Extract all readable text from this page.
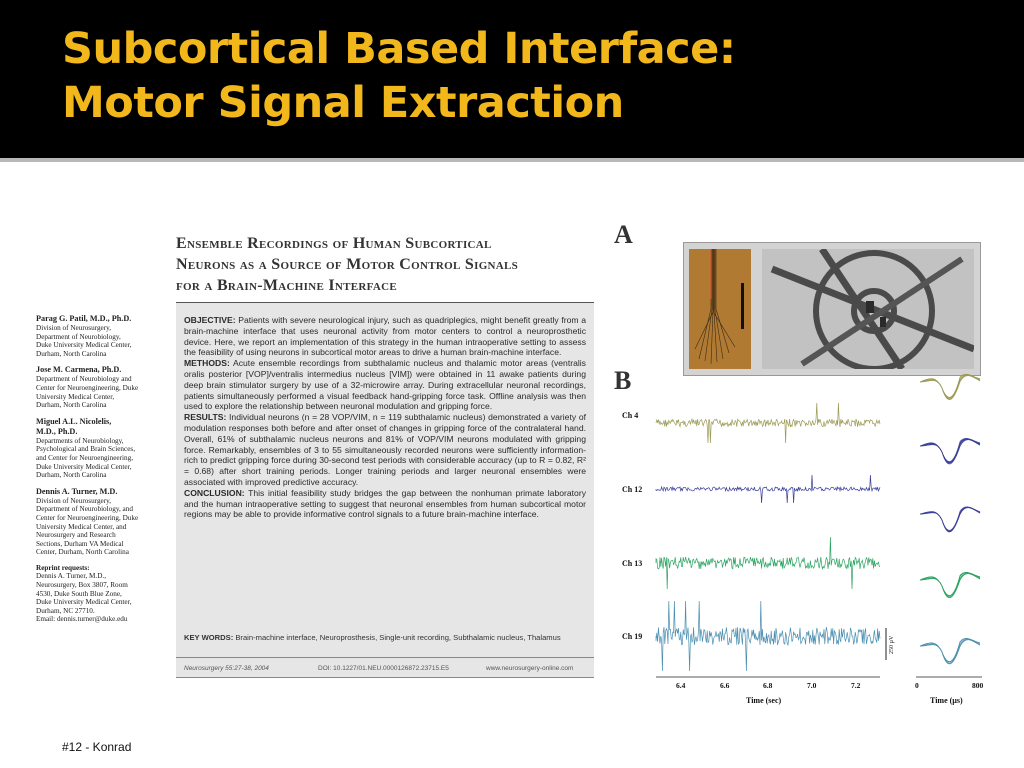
Subcortical Based Interface:
Motor Signal Extraction
Parag G. Patil, M.D., Ph.D.
Division of Neurosurgery,
Department of Neurobiology,
Duke University Medical Center,
Durham, North Carolina
Jose M. Carmena, Ph.D.
Department of Neurobiology and
Center for Neuroengineering, Duke
University Medical Center,
Durham, North Carolina
Miguel A.L. Nicolelis,
M.D., Ph.D.
Departments of Neurobiology,
Psychological and Brain Sciences,
and Center for Neuroengineering,
Duke University Medical Center,
Durham, North Carolina
Dennis A. Turner, M.D.
Division of Neurosurgery,
Department of Neurobiology, and
Center for Neuroengineering, Duke
University Medical Center, and
Neurosurgery and Research
Sections, Durham VA Medical
Center, Durham, North Carolina
Reprint requests:
Dennis A. Turner, M.D.,
Neurosurgery, Box 3807, Room
4530, Duke South Blue Zone,
Duke University Medical Center,
Durham, NC 27710.
Email: dennis.turner@duke.edu
Ensemble Recordings of Human Subcortical
Neurons as a Source of Motor Control Signals
for a Brain-Machine Interface

OBJECTIVE: Patients with severe neurological injury, such as quadriplegics, might benefit greatly from a brain-machine interface that uses neuronal activity from motor centers to control a neuroprosthetic device. Here, we report an implementation of this strategy in the human intraoperative setting to assess the feasibility of using neurons in subcortical motor areas to drive a human brain-machine interface.

METHODS: Acute ensemble recordings from subthalamic nucleus and thalamic motor areas (ventralis oralis posterior [VOP]/ventralis intermedius nucleus [VIM]) were obtained in 11 awake patients during deep brain stimulator surgery by use of a 32-microwire array. During extracellular neuronal recordings, patients simultaneously performed a visual feedback hand-gripping force task. Offline analysis was then used to explore the relationship between neuronal modulation and gripping force.

RESULTS: Individual neurons (n = 28 VOP/VIM, n = 119 subthalamic nucleus) demonstrated a variety of modulation responses both before and after onset of changes in gripping force of the contralateral hand. Overall, 61% of subthalamic nucleus neurons and 81% of VOP/VIM neurons modulated with gripping force. Remarkably, ensembles of 3 to 55 simultaneously recorded neurons were sufficiently information-rich to predict gripping force during 30-second test periods with considerable accuracy (up to R = 0.82, R² = 0.68) after short training periods. Longer training periods and larger neuronal ensembles were associated with improved predictive accuracy.

CONCLUSION: This initial feasibility study bridges the gap between the nonhuman primate laboratory and the human intraoperative setting to suggest that neuronal ensembles from human subcortical motor regions may be able to provide informative control signals to a future brain-machine interface.

KEY WORDS: Brain-machine interface, Neuroprosthesis, Single-unit recording, Subthalamic nucleus, Thalamus
Neurosurgery 55:27-38, 2004	DOI: 10.1227/01.NEU.0000126872.23715.E5	www.neurosurgery-online.com
A
B
Ch 4
Ch 12
Ch 13
Ch 19
6.4	6.6	6.8	7.0	7.2
Time (sec)
250 µV
0	800
Time (µs)
#12 - Konrad
